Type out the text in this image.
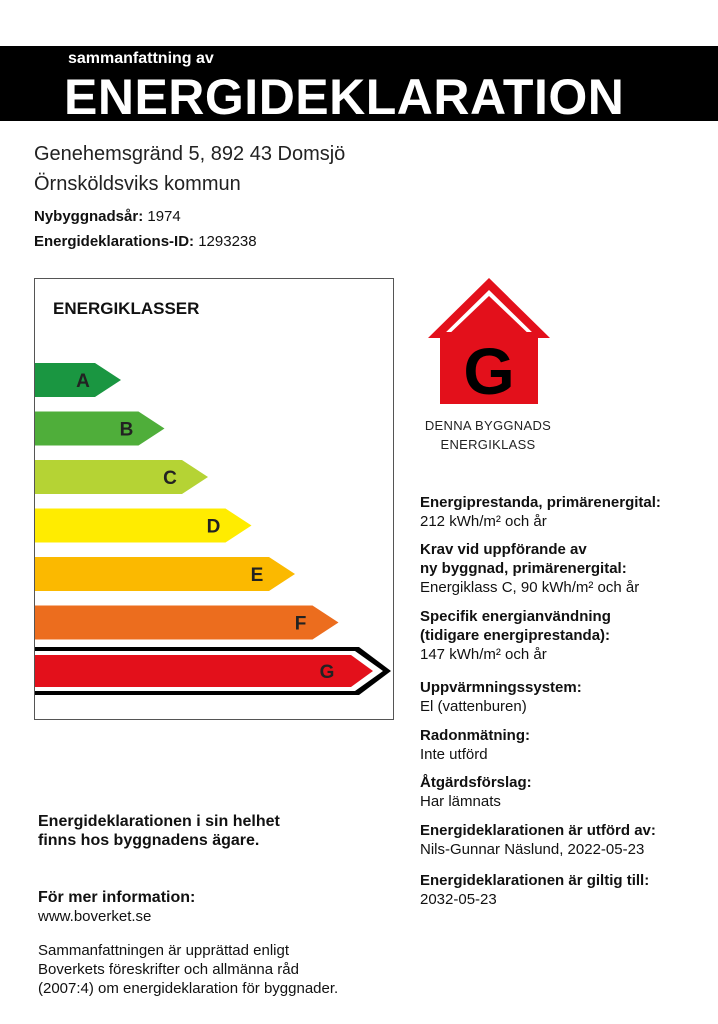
sammanfattning av
ENERGIDEKLARATION
Genehemsgränd 5, 892 43 Domsjö
Örnsköldsviks kommun
Nybyggnadsår: 1974
Energideklarations-ID: 1293238
ENERGIKLASSER
A
B
C
D
E
F
G
G
DENNA BYGGNADS
ENERGIKLASS
Energiprestanda, primärenergital:
212 kWh/m² och år
Krav vid uppförande av
ny byggnad, primärenergital:
Energiklass C, 90 kWh/m² och år
Specifik energianvändning
(tidigare energiprestanda):
147 kWh/m² och år
Uppvärmningssystem:
El (vattenburen)
Radonmätning:
Inte utförd
Åtgärdsförslag:
Har lämnats
Energideklarationen är utförd av:
Nils-Gunnar Näslund, 2022-05-23
Energideklarationen är giltig till:
2032-05-23
Energideklarationen i sin helhet
finns hos byggnadens ägare.
För mer information:
www.boverket.se
Sammanfattningen är upprättad enligt
Boverkets föreskrifter och allmänna råd
(2007:4) om energideklaration för byggnader.
